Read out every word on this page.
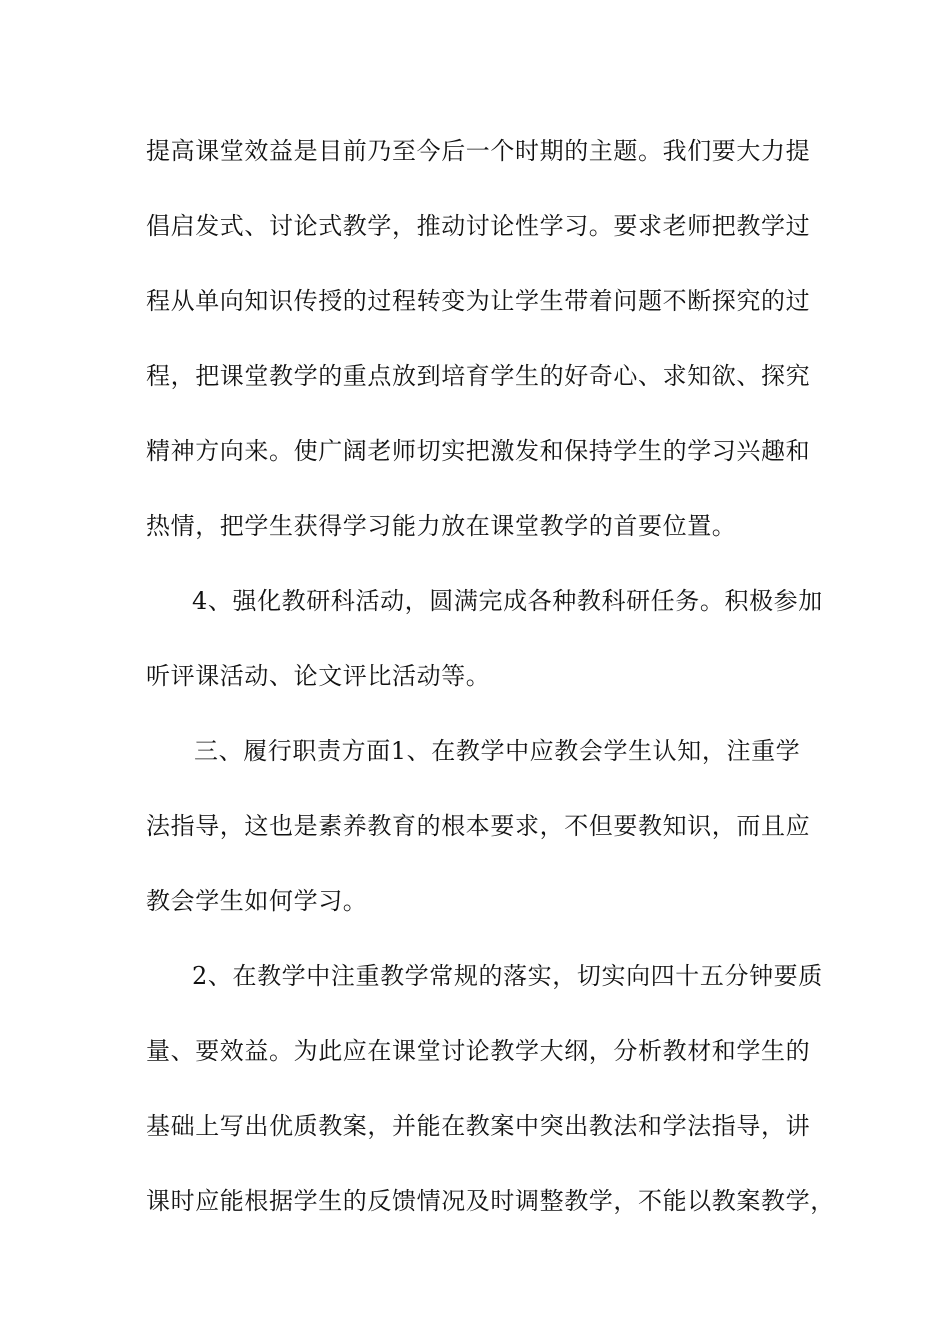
提高课堂效益是目前乃至今后一个时期的主题。我们要大力提
倡启发式、讨论式教学，推动讨论性学习。要求老师把教学过
程从单向知识传授的过程转变为让学生带着问题不断探究的过
程，把课堂教学的重点放到培育学生的好奇心、求知欲、探究
精神方向来。使广阔老师切实把激发和保持学生的学习兴趣和
热情，把学生获得学习能力放在课堂教学的首要位置。
4、强化教研科活动，圆满完成各种教科研任务。积极参加
听评课活动、论文评比活动等。
三、履行职责方面1、在教学中应教会学生认知，注重学
法指导，这也是素养教育的根本要求，不但要教知识，而且应
教会学生如何学习。
2、在教学中注重教学常规的落实，切实向四十五分钟要质
量、要效益。为此应在课堂讨论教学大纲，分析教材和学生的
基础上写出优质教案，并能在教案中突出教法和学法指导，讲
课时应能根据学生的反馈情况及时调整教学，不能以教案教学，
